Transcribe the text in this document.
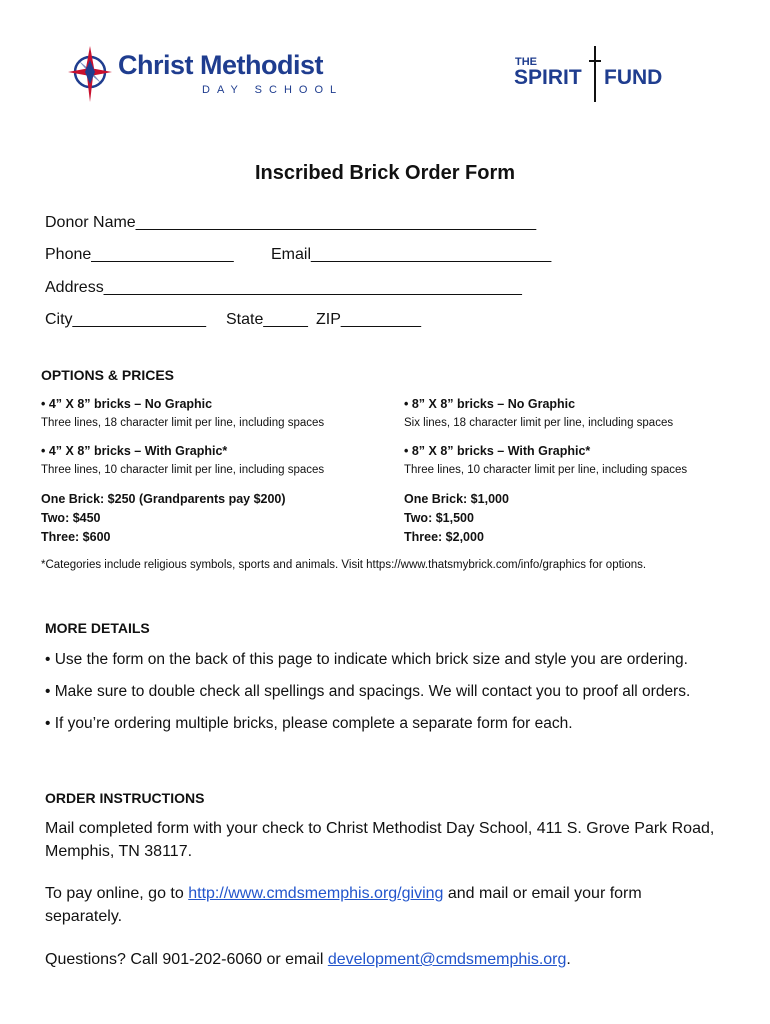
Christ Methodist
DAY SCHOOL
THE
SPIRIT FUND
Inscribed Brick Order Form
Donor Name_____________________________________________
Phone________________ Email___________________________
Address_______________________________________________
City_______________ State_____ ZIP_________
OPTIONS & PRICES
• 4” X 8” bricks – No Graphic
Three lines, 18 character limit per line, including spaces
• 4” X 8” bricks – With Graphic*
Three lines, 10 character limit per line, including spaces
• 8” X 8” bricks – No Graphic
Six lines, 18 character limit per line, including spaces
• 8” X 8” bricks – With Graphic*
Three lines, 10 character limit per line, including spaces
One Brick: $250 (Grandparents pay $200)
Two: $450
Three: $600
One Brick: $1,000
Two: $1,500
Three: $2,000
*Categories include religious symbols, sports and animals. Visit https://www.thatsmybrick.com/info/graphics for options.
MORE DETAILS
• Use the form on the back of this page to indicate which brick size and style you are ordering.
• Make sure to double check all spellings and spacings. We will contact you to proof all orders.
• If you’re ordering multiple bricks, please complete a separate form for each.
ORDER INSTRUCTIONS
Mail completed form with your check to Christ Methodist Day School, 411 S. Grove Park Road,
Memphis, TN 38117.
To pay online, go to http://www.cmdsmemphis.org/giving and mail or email your form
separately.
Questions? Call 901-202-6060 or email development@cmdsmemphis.org.
